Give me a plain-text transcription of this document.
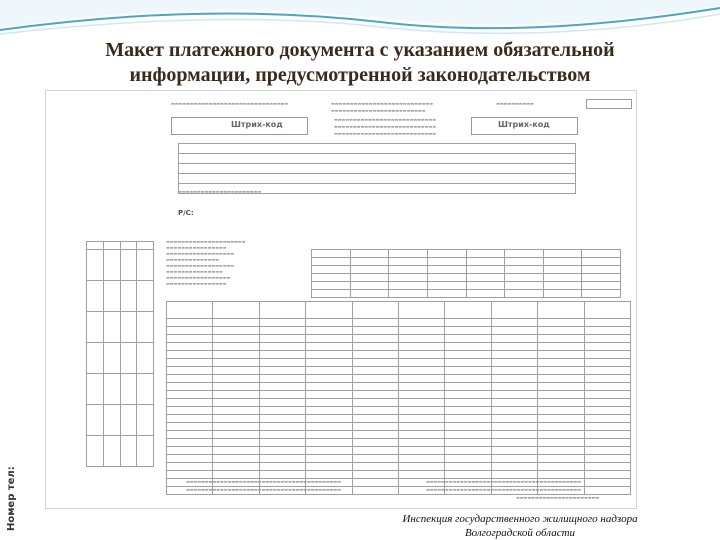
Макет платежного документа с указанием обязательной
информации, предусмотренной законодательством
▬▬▬▬▬▬▬▬▬▬▬▬▬▬▬▬▬▬▬▬▬▬▬▬▬▬▬▬▬▬▬	▬▬▬▬▬▬▬▬▬▬▬▬▬▬▬▬▬▬▬▬▬▬▬▬▬▬▬
▬▬▬▬▬▬▬▬▬▬▬▬▬▬▬▬▬▬▬▬▬▬▬▬▬
▬▬▬▬▬▬▬▬▬▬
Штрих-код
▬▬▬▬▬▬▬▬▬▬▬▬▬▬▬▬▬▬▬▬▬▬▬▬▬▬▬
▬▬▬▬▬▬▬▬▬▬▬▬▬▬▬▬▬▬▬▬▬▬▬▬▬▬▬
▬▬▬▬▬▬▬▬▬▬▬▬▬▬▬▬▬▬▬▬▬▬▬▬▬▬▬
Штрих-код

▬▬▬▬▬▬▬▬▬▬▬▬▬▬▬▬▬▬▬▬▬▬
Р/С:
Номер тел:

▬▬▬▬▬▬▬▬▬▬▬▬▬▬▬▬▬▬▬▬▬
▬▬▬▬▬▬▬▬▬▬▬▬▬▬▬▬
▬▬▬▬▬▬▬▬▬▬▬▬▬▬▬▬▬▬
▬▬▬▬▬▬▬▬▬▬▬▬▬▬
▬▬▬▬▬▬▬▬▬▬▬▬▬▬▬▬▬▬
▬▬▬▬▬▬▬▬▬▬▬▬▬▬▬
▬▬▬▬▬▬▬▬▬▬▬▬▬▬▬▬▬
▬▬▬▬▬▬▬▬▬▬▬▬▬▬▬▬

▬▬▬▬▬▬▬▬▬▬▬▬▬▬▬▬▬▬▬▬▬▬▬▬▬▬▬▬▬▬▬▬▬▬▬▬▬▬▬▬▬
▬▬▬▬▬▬▬▬▬▬▬▬▬▬▬▬▬▬▬▬▬▬▬▬▬▬▬▬▬▬▬▬▬▬▬▬▬▬▬▬▬
▬▬▬▬▬▬▬▬▬▬▬▬▬▬▬▬▬▬▬▬▬▬▬▬▬▬▬▬▬▬▬▬▬▬▬▬▬▬▬▬▬
▬▬▬▬▬▬▬▬▬▬▬▬▬▬▬▬▬▬▬▬▬▬▬▬▬▬▬▬▬▬▬▬▬▬▬▬▬▬▬▬▬
▬▬▬▬▬▬▬▬▬▬▬▬▬▬▬▬▬▬▬▬▬▬
Инспекция государственного жилищного надзора
Волгоградской области
